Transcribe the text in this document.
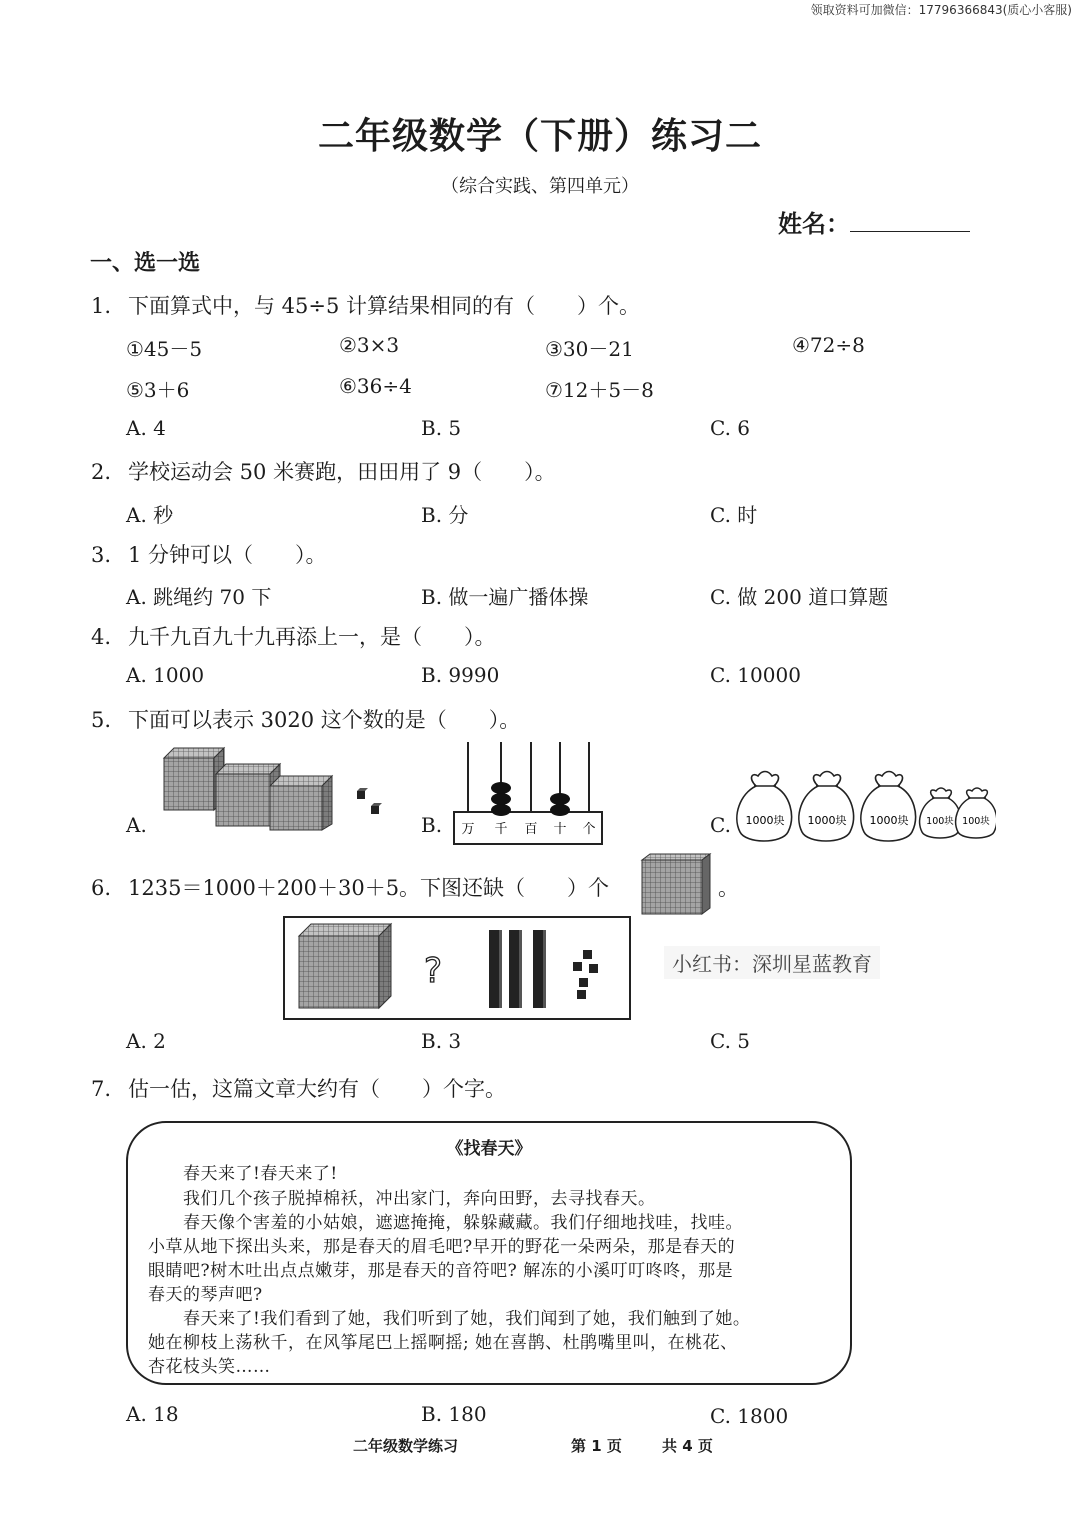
领取资料可加微信：17796366843(质心小客服)
二年级数学（下册）练习二
（综合实践、第四单元）
姓名：
一、选一选
1. 下面算式中，与 45÷5 计算结果相同的有（　　）个。
①45－5	②3×3	③30－21	④72÷8
⑤3＋6	⑥36÷4	⑦12＋5－8
A. 4	B. 5	C. 6
2. 学校运动会 50 米赛跑，田田用了 9（　　）。
A. 秒	B. 分	C. 时
3. 1 分钟可以（　　）。
A. 跳绳约 70 下	B. 做一遍广播体操	C. 做 200 道口算题
4. 九千九百九十九再添上一，是（　　）。
A. 1000	B. 9990	C. 10000
5. 下面可以表示 3020 这个数的是（　　）。
A.	B.	C.
万 千 百 十 个
1000块 1000块 1000块 100块 100块
6. 1235＝1000＋200＋30＋5。下图还缺（　　）个	。
?	小红书：深圳星蓝教育
A. 2	B. 3	C. 5
7. 估一估，这篇文章大约有（　　）个字。
《找春天》
　　春天来了!春天来了!
　　我们几个孩子脱掉棉袄，冲出家门，奔向田野，去寻找春天。
　　春天像个害羞的小姑娘，遮遮掩掩，躲躲藏藏。我们仔细地找哇，找哇。
小草从地下探出头来，那是春天的眉毛吧?早开的野花一朵两朵，那是春天的
眼睛吧?树木吐出点点嫩芽，那是春天的音符吧? 解冻的小溪叮叮咚咚，那是
春天的琴声吧?
　　春天来了!我们看到了她，我们听到了她，我们闻到了她，我们触到了她。
她在柳枝上荡秋千，在风筝尾巴上摇啊摇; 她在喜鹊、杜鹃嘴里叫，在桃花、
杏花枝头笑……
A. 18	B. 180	C. 1800
二年级数学练习	第 1 页	共 4 页
